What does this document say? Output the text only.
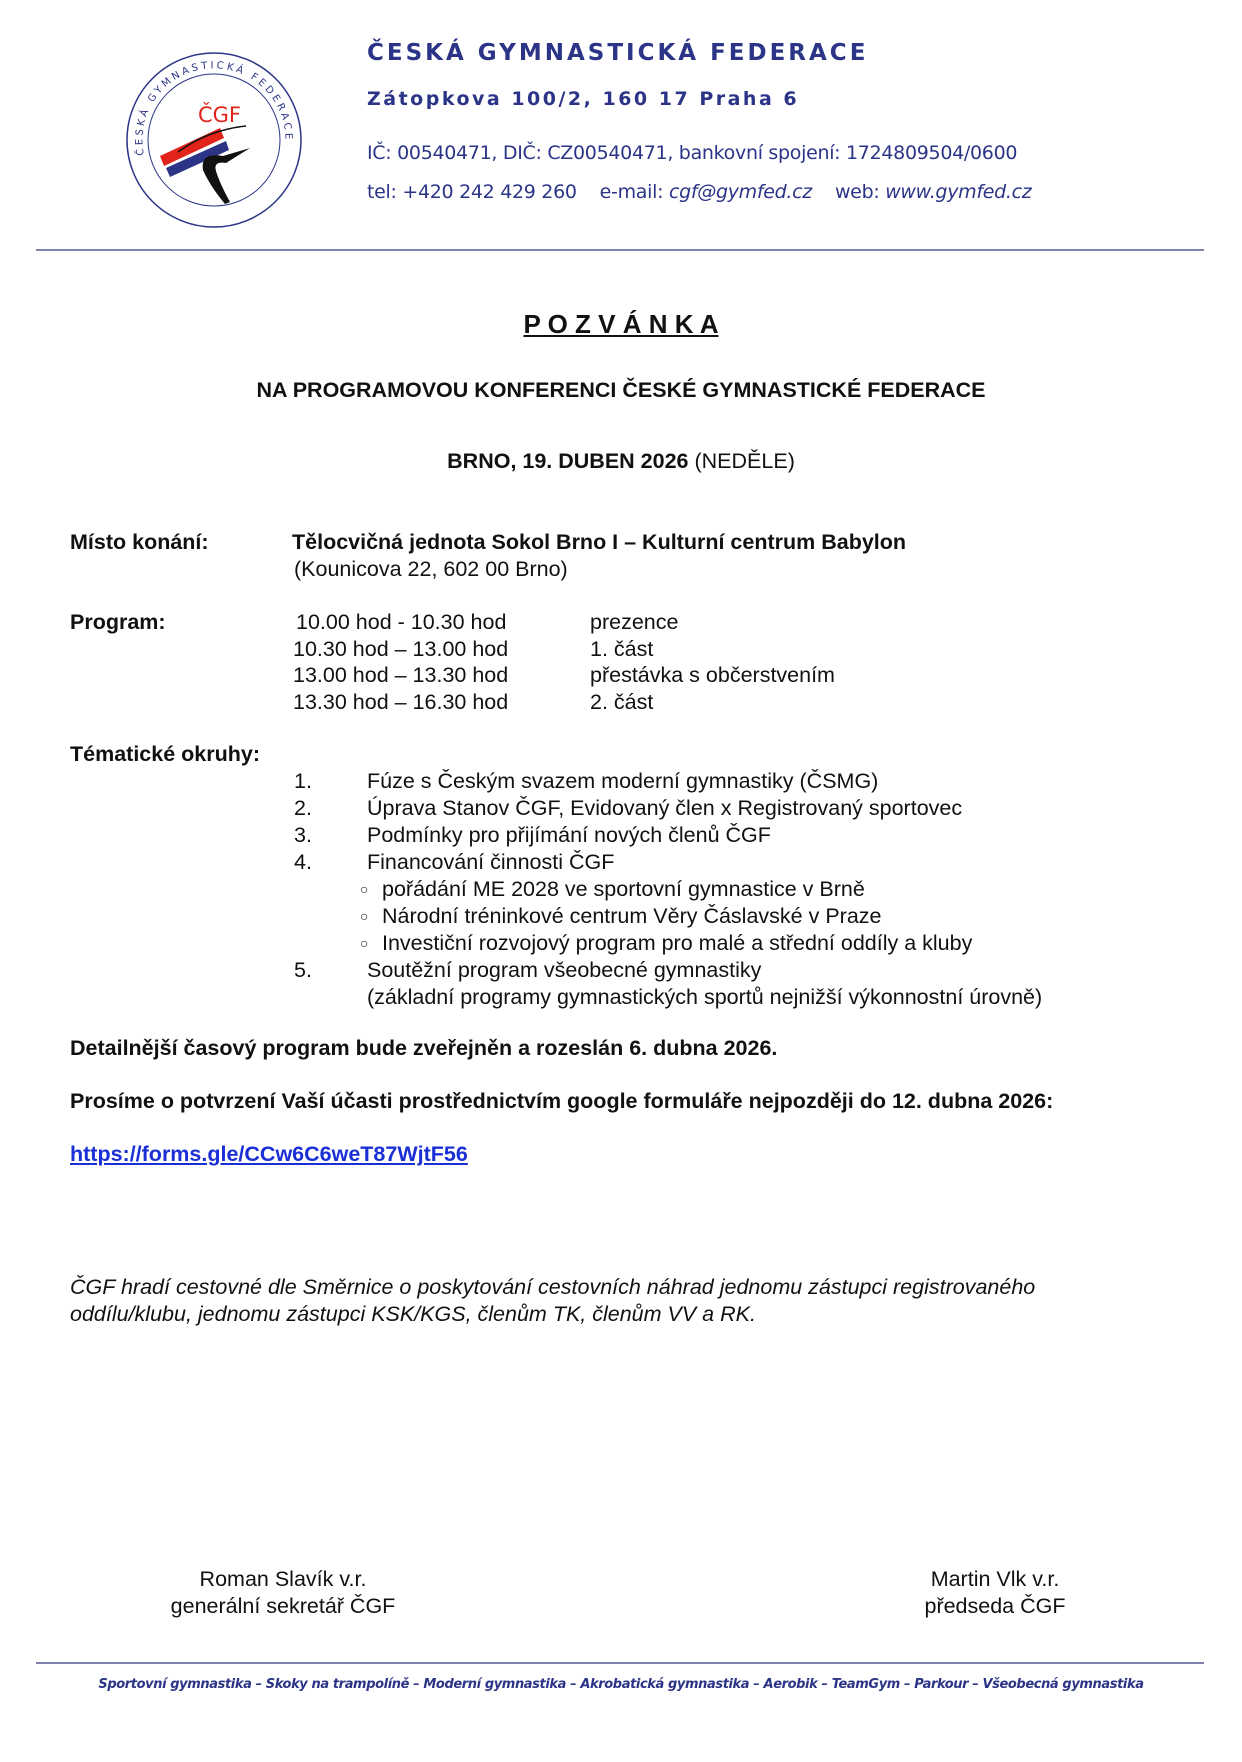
ČESKÁ GYMNASTICKÁ FEDERACE
ČGF
ČESKÁ GYMNASTICKÁ FEDERACE
Zátopkova 100/2, 160 17 Praha 6
IČ: 00540471, DIČ: CZ00540471, bankovní spojení: 1724809504/0600
tel: +420 242 429 260 e-mail: cgf@gymfed.cz web: www.gymfed.cz
P O Z V Á N K A
NA PROGRAMOVOU KONFERENCI ČESKÉ GYMNASTICKÉ FEDERACE
BRNO, 19. DUBEN 2026 (NEDĚLE)
Místo konání:	Tělocvičná jednota Sokol Brno I – Kulturní centrum Babylon
(Kounicova 22, 602 00 Brno)
Program:	10.00 hod - 10.30 hod	prezence
10.30 hod – 13.00 hod	1. část
13.00 hod – 13.30 hod	přestávka s občerstvením
13.30 hod – 16.30 hod	2. část
Tématické okruhy:
1.	Fúze s Českým svazem moderní gymnastiky (ČSMG)
2.	Úprava Stanov ČGF, Evidovaný člen x Registrovaný sportovec
3.	Podmínky pro přijímání nových členů ČGF
4.	Financování činnosti ČGF
○ pořádání ME 2028 ve sportovní gymnastice v Brně
○ Národní tréninkové centrum Věry Čáslavské v Praze
○ Investiční rozvojový program pro malé a střední oddíly a kluby
5.	Soutěžní program všeobecné gymnastiky
(základní programy gymnastických sportů nejnižší výkonnostní úrovně)
Detailnější časový program bude zveřejněn a rozeslán 6. dubna 2026.
Prosíme o potvrzení Vaší účasti prostřednictvím google formuláře nejpozději do 12. dubna 2026:
https://forms.gle/CCw6C6weT87WjtF56
ČGF hradí cestovné dle Směrnice o poskytování cestovních náhrad jednomu zástupci registrovaného
oddílu/klubu, jednomu zástupci KSK/KGS, členům TK, členům VV a RK.
Roman Slavík v.r.
generální sekretář ČGF
Martin Vlk v.r.
předseda ČGF
Sportovní gymnastika – Skoky na trampolíně – Moderní gymnastika – Akrobatická gymnastika – Aerobik – TeamGym – Parkour – Všeobecná gymnastika
